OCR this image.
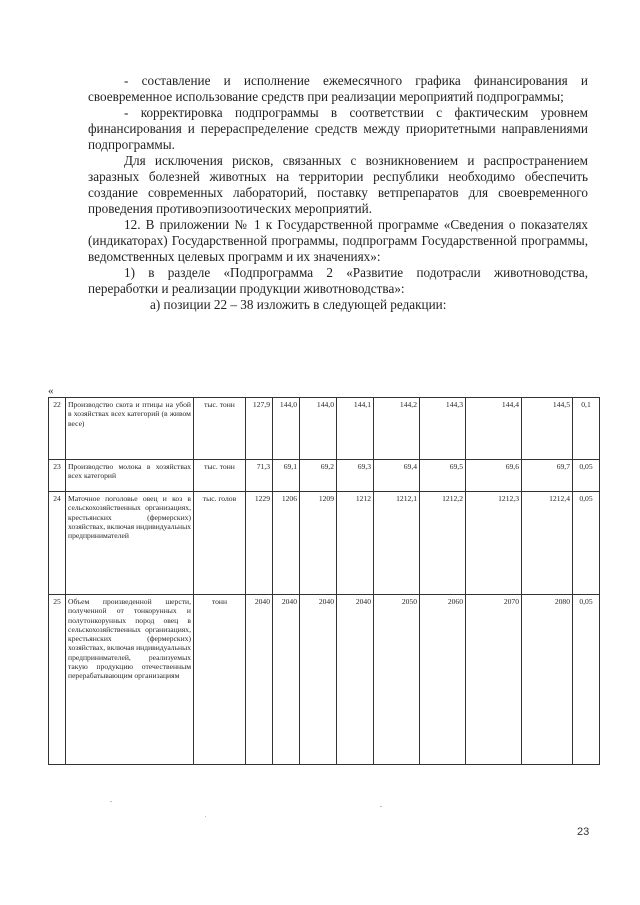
- составление и исполнение ежемесячного графика финансирования и своевременное использование средств при реализации мероприятий подпрограммы;

- корректировка подпрограммы в соответствии с фактическим уровнем финансирования и перераспределение средств между приоритетными направлениями подпрограммы.

Для исключения рисков, связанных с возникновением и распространением заразных болезней животных на территории республики необходимо обеспечить создание современных лабораторий, поставку ветпрепаратов для своевременного проведения противоэпизоотических мероприятий.

12. В приложении № 1 к Государственной программе «Сведения о показателях (индикаторах) Государственной программы, подпрограмм Государственной программы, ведомственных целевых программ и их значениях»:

1) в разделе «Подпрограмма 2 «Развитие подотрасли животноводства, переработки и реализации продукции животноводства»:

а) позиции 22 – 38 изложить в следующей редакции:

«
22	Производство скота и птицы на убой в хозяйствах всех категорий (в живом весе)	тыс. тонн	127,9	144,0	144,0	144,1	144,2	144,3	144,4	144,5	0,1
23	Производство молока в хозяйствах всех категорий	тыс. тонн	71,3	69,1	69,2	69,3	69,4	69,5	69,6	69,7	0,05
24	Маточное поголовье овец и коз в сельскохозяйственных организациях, крестьянских (фермерских) хозяйствах, включая индивидуальных предпринимателей	тыс. голов	1229	1206	1209	1212	1212,1	1212,2	1212,3	1212,4	0,05
25	Объем произведенной шерсти, полученной от тонкорунных и полутонкорунных пород овец в сельскохозяйственных организациях, крестьянских (фермерских) хозяйствах, включая индивидуальных предпринимателей, реализуемых такую продукцию отечественным перерабатывающим организациям	тонн	2040	2040	2040	2040	2050	2060	2070	2080	0,05
23
